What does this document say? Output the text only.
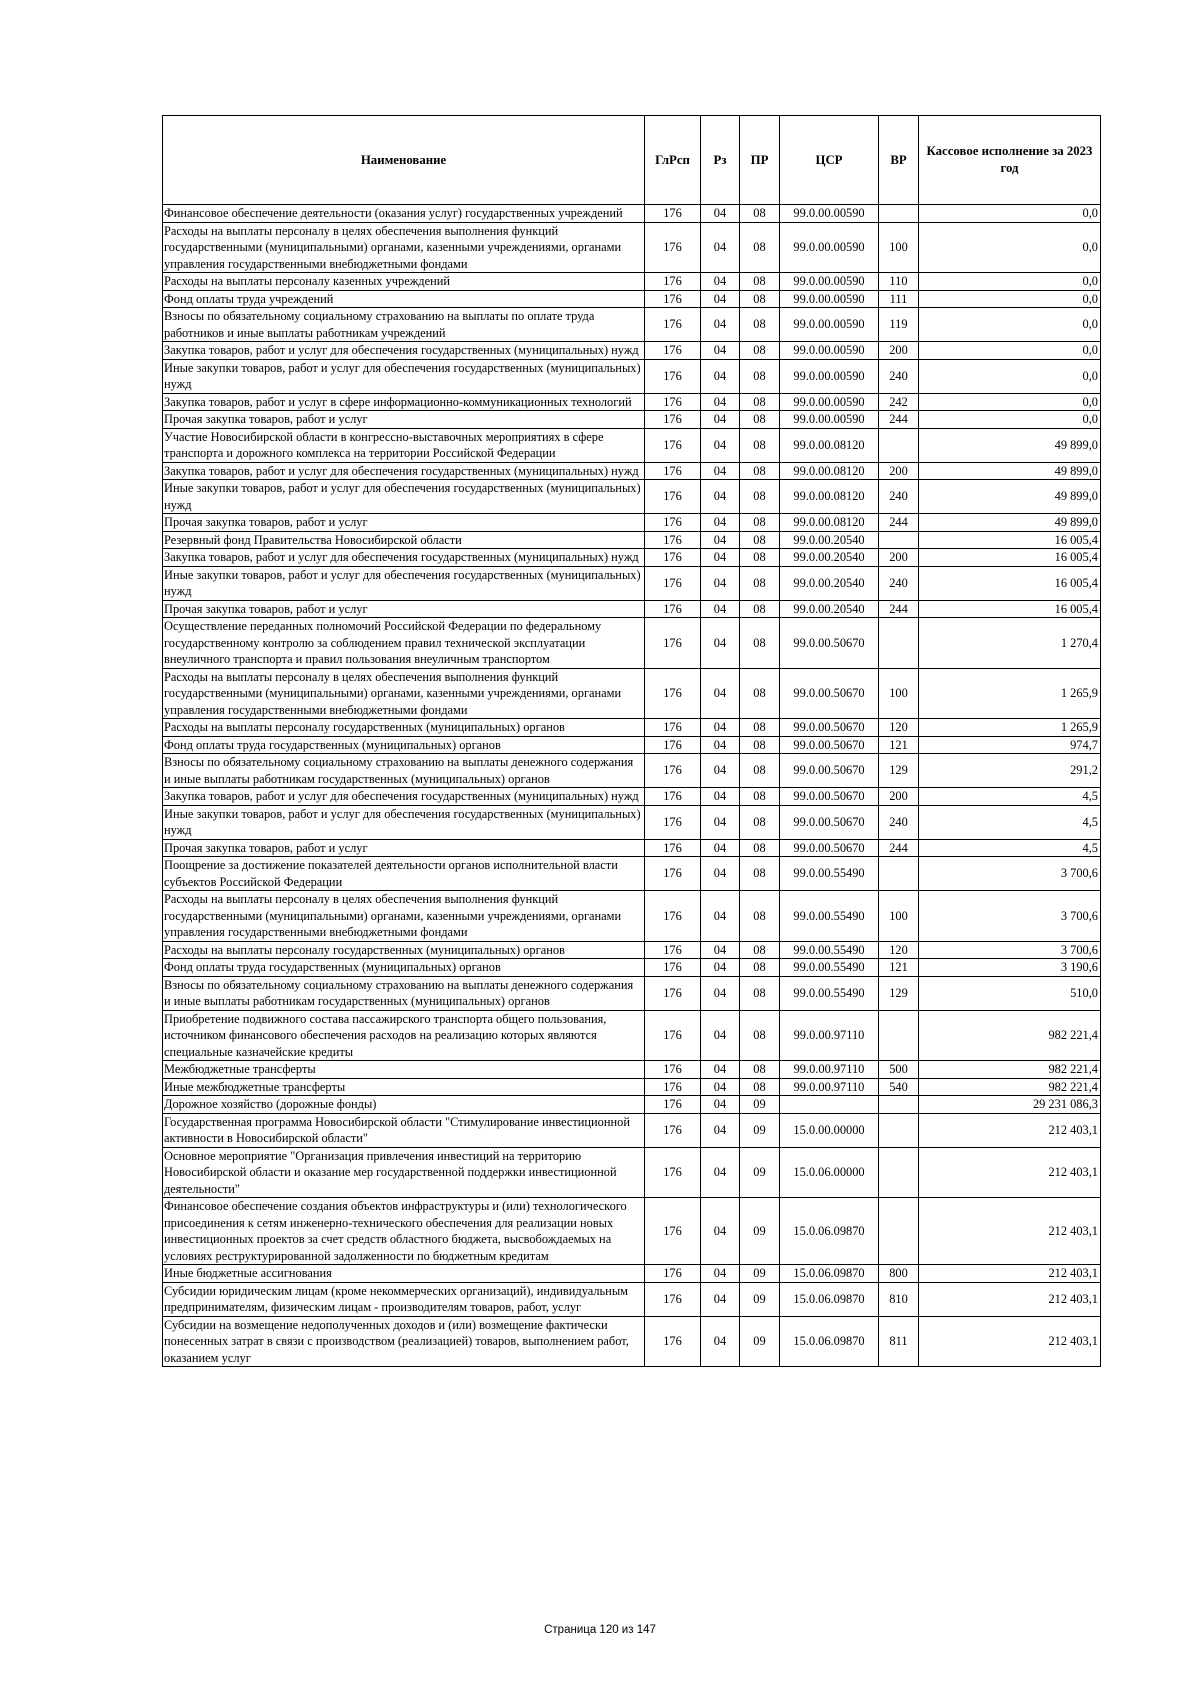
Наименование	ГлРсп	Рз	ПР	ЦСР	ВР	Кассовое исполнение за 2023 год
Финансовое обеспечение деятельности (оказания услуг) государственных учреждений	176	04	08	99.0.00.00590		0,0
Расходы на выплаты персоналу в целях обеспечения выполнения функций государственными (муниципальными) органами, казенными учреждениями, органами управления государственными внебюджетными фондами	176	04	08	99.0.00.00590	100	0,0
Расходы на выплаты персоналу казенных учреждений	176	04	08	99.0.00.00590	110	0,0
Фонд оплаты труда учреждений	176	04	08	99.0.00.00590	111	0,0
Взносы по обязательному социальному страхованию на выплаты по оплате труда работников и иные выплаты работникам учреждений	176	04	08	99.0.00.00590	119	0,0
Закупка товаров, работ и услуг для обеспечения государственных (муниципальных) нужд	176	04	08	99.0.00.00590	200	0,0
Иные закупки товаров, работ и услуг для обеспечения государственных (муниципальных) нужд	176	04	08	99.0.00.00590	240	0,0
Закупка товаров, работ и услуг в сфере информационно-коммуникационных технологий	176	04	08	99.0.00.00590	242	0,0
Прочая закупка товаров, работ и услуг	176	04	08	99.0.00.00590	244	0,0
Участие Новосибирской области в конгрессно-выставочных мероприятиях в сфере транспорта и дорожного комплекса на территории Российской Федерации	176	04	08	99.0.00.08120		49 899,0
Закупка товаров, работ и услуг для обеспечения государственных (муниципальных) нужд	176	04	08	99.0.00.08120	200	49 899,0
Иные закупки товаров, работ и услуг для обеспечения государственных (муниципальных) нужд	176	04	08	99.0.00.08120	240	49 899,0
Прочая закупка товаров, работ и услуг	176	04	08	99.0.00.08120	244	49 899,0
Резервный фонд Правительства Новосибирской области	176	04	08	99.0.00.20540		16 005,4
Закупка товаров, работ и услуг для обеспечения государственных (муниципальных) нужд	176	04	08	99.0.00.20540	200	16 005,4
Иные закупки товаров, работ и услуг для обеспечения государственных (муниципальных) нужд	176	04	08	99.0.00.20540	240	16 005,4
Прочая закупка товаров, работ и услуг	176	04	08	99.0.00.20540	244	16 005,4
Осуществление переданных полномочий Российской Федерации по федеральному государственному контролю за соблюдением правил технической эксплуатации внеуличного транспорта и правил пользования внеуличным транспортом	176	04	08	99.0.00.50670		1 270,4
Расходы на выплаты персоналу в целях обеспечения выполнения функций государственными (муниципальными) органами, казенными учреждениями, органами управления государственными внебюджетными фондами	176	04	08	99.0.00.50670	100	1 265,9
Расходы на выплаты персоналу государственных (муниципальных) органов	176	04	08	99.0.00.50670	120	1 265,9
Фонд оплаты труда государственных (муниципальных) органов	176	04	08	99.0.00.50670	121	974,7
Взносы по обязательному социальному страхованию на выплаты денежного содержания и иные выплаты работникам государственных (муниципальных) органов	176	04	08	99.0.00.50670	129	291,2
Закупка товаров, работ и услуг для обеспечения государственных (муниципальных) нужд	176	04	08	99.0.00.50670	200	4,5
Иные закупки товаров, работ и услуг для обеспечения государственных (муниципальных) нужд	176	04	08	99.0.00.50670	240	4,5
Прочая закупка товаров, работ и услуг	176	04	08	99.0.00.50670	244	4,5
Поощрение за достижение показателей деятельности органов исполнительной власти субъектов Российской Федерации	176	04	08	99.0.00.55490		3 700,6
Расходы на выплаты персоналу в целях обеспечения выполнения функций государственными (муниципальными) органами, казенными учреждениями, органами управления государственными внебюджетными фондами	176	04	08	99.0.00.55490	100	3 700,6
Расходы на выплаты персоналу государственных (муниципальных) органов	176	04	08	99.0.00.55490	120	3 700,6
Фонд оплаты труда государственных (муниципальных) органов	176	04	08	99.0.00.55490	121	3 190,6
Взносы по обязательному социальному страхованию на выплаты денежного содержания и иные выплаты работникам государственных (муниципальных) органов	176	04	08	99.0.00.55490	129	510,0
Приобретение подвижного состава пассажирского транспорта общего пользования, источником финансового обеспечения расходов на реализацию которых являются специальные казначейские кредиты	176	04	08	99.0.00.97110		982 221,4
Межбюджетные трансферты	176	04	08	99.0.00.97110	500	982 221,4
Иные межбюджетные трансферты	176	04	08	99.0.00.97110	540	982 221,4
Дорожное хозяйство (дорожные фонды)	176	04	09			29 231 086,3
Государственная программа Новосибирской области "Стимулирование инвестиционной активности в Новосибирской области"	176	04	09	15.0.00.00000		212 403,1
Основное мероприятие "Организация привлечения инвестиций на территорию Новосибирской области и оказание мер государственной поддержки инвестиционной деятельности"	176	04	09	15.0.06.00000		212 403,1
Финансовое обеспечение создания объектов инфраструктуры и (или) технологического присоединения к сетям инженерно-технического обеспечения для реализации новых инвестиционных проектов за счет средств областного бюджета, высвобождаемых на условиях реструктурированной задолженности по бюджетным кредитам	176	04	09	15.0.06.09870		212 403,1
Иные бюджетные ассигнования	176	04	09	15.0.06.09870	800	212 403,1
Субсидии юридическим лицам (кроме некоммерческих организаций), индивидуальным предпринимателям, физическим лицам - производителям товаров, работ, услуг	176	04	09	15.0.06.09870	810	212 403,1
Субсидии на возмещение недополученных доходов и (или) возмещение фактически понесенных затрат в связи с производством (реализацией) товаров, выполнением работ, оказанием услуг	176	04	09	15.0.06.09870	811	212 403,1
Страница 120 из 147
